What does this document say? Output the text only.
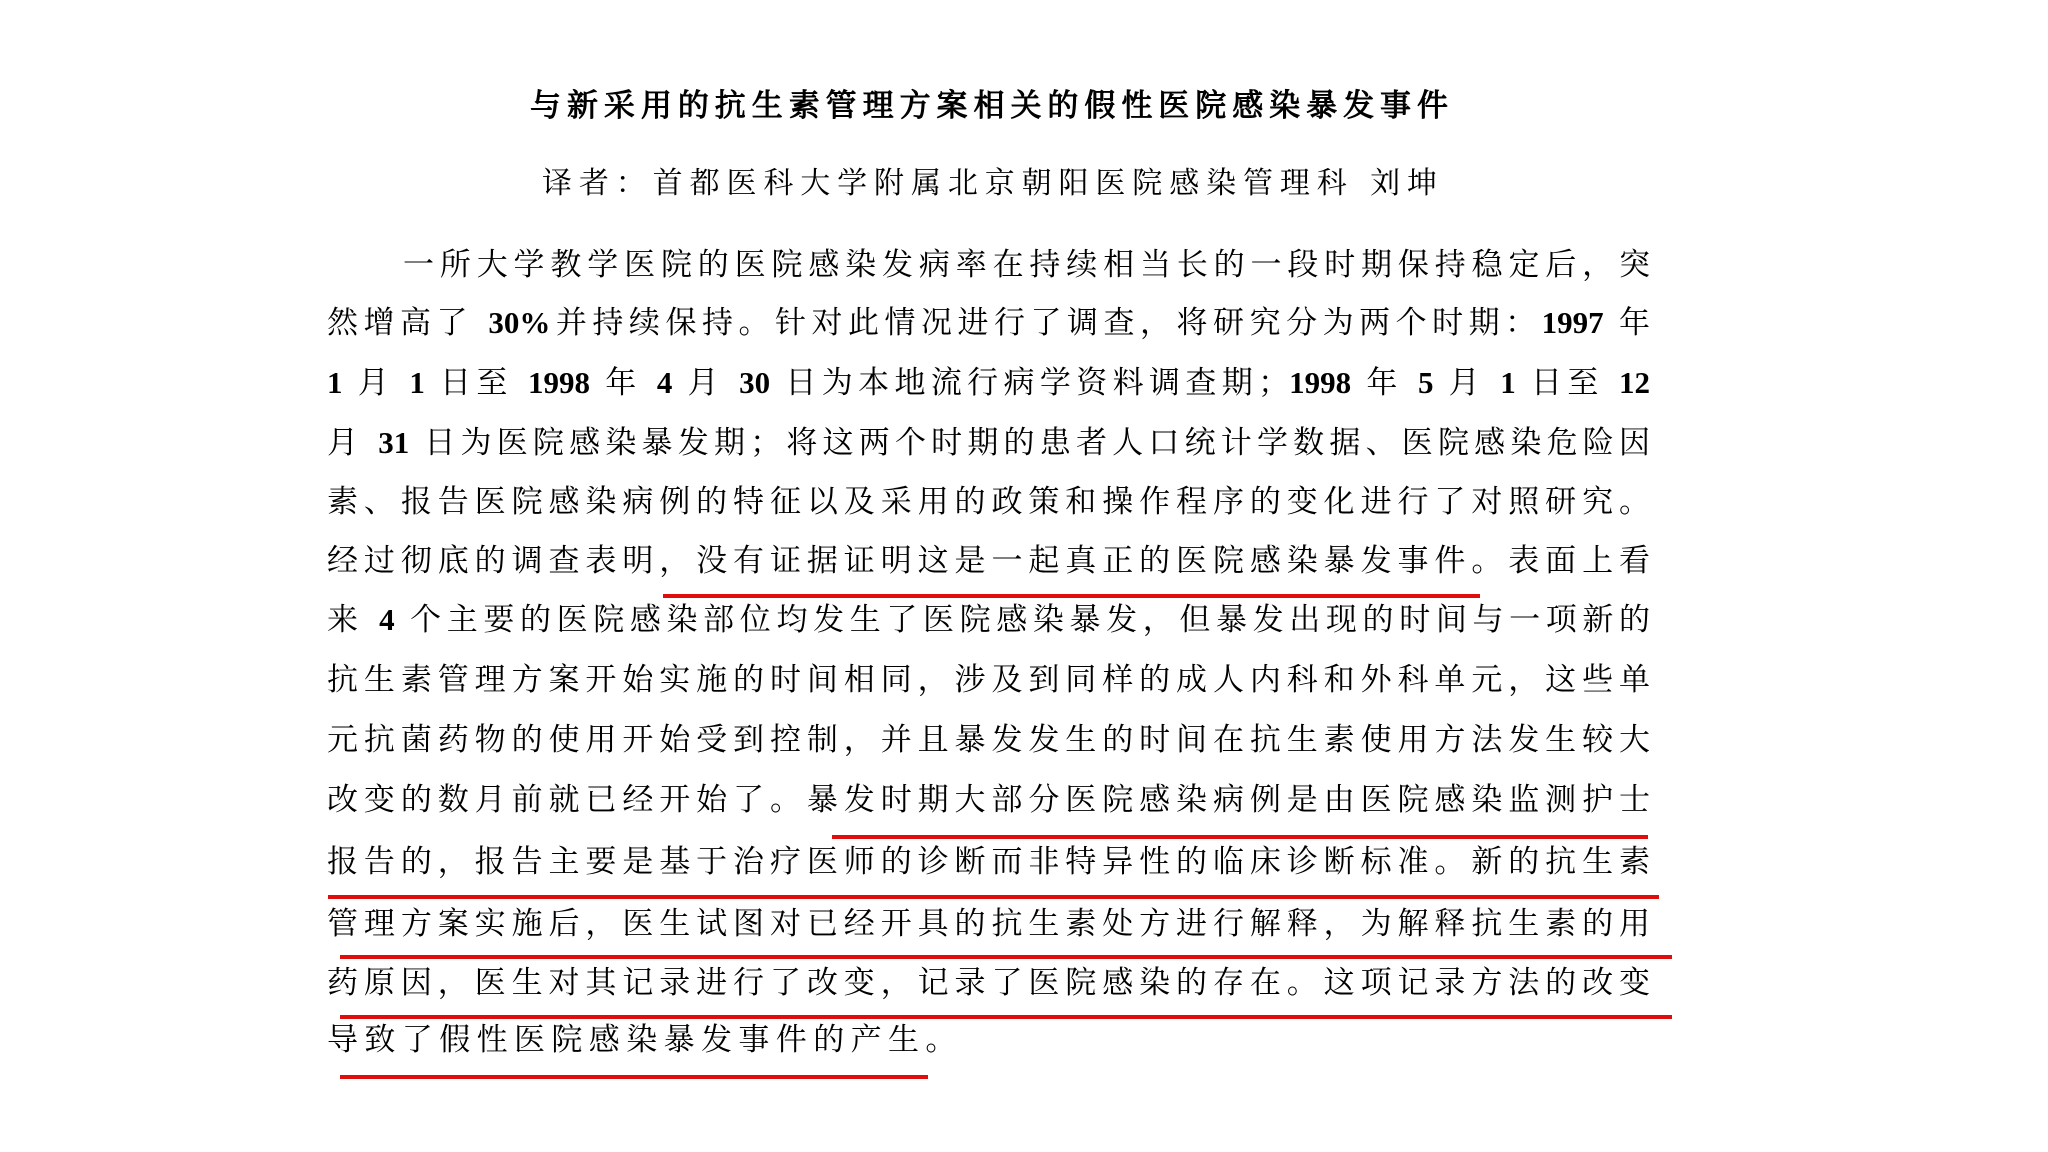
与新采用的抗生素管理方案相关的假性医院感染暴发事件
译者：首都医科大学附属北京朝阳医院感染管理科 刘坤
一所大学教学医院的医院感染发病率在持续相当长的一段时期保持稳定后，突
然增高了 30%并持续保持。针对此情况进行了调查，将研究分为两个时期：1997 年
1 月 1 日至 1998 年 4 月 30 日为本地流行病学资料调查期；1998 年 5 月 1 日至 12
月 31 日为医院感染暴发期；将这两个时期的患者人口统计学数据、医院感染危险因
素、报告医院感染病例的特征以及采用的政策和操作程序的变化进行了对照研究。
经过彻底的调查表明，没有证据证明这是一起真正的医院感染暴发事件。表面上看
来 4 个主要的医院感染部位均发生了医院感染暴发，但暴发出现的时间与一项新的
抗生素管理方案开始实施的时间相同，涉及到同样的成人内科和外科单元，这些单
元抗菌药物的使用开始受到控制，并且暴发发生的时间在抗生素使用方法发生较大
改变的数月前就已经开始了。暴发时期大部分医院感染病例是由医院感染监测护士
报告的，报告主要是基于治疗医师的诊断而非特异性的临床诊断标准。新的抗生素
管理方案实施后，医生试图对已经开具的抗生素处方进行解释，为解释抗生素的用
药原因，医生对其记录进行了改变，记录了医院感染的存在。这项记录方法的改变
导致了假性医院感染暴发事件的产生。
